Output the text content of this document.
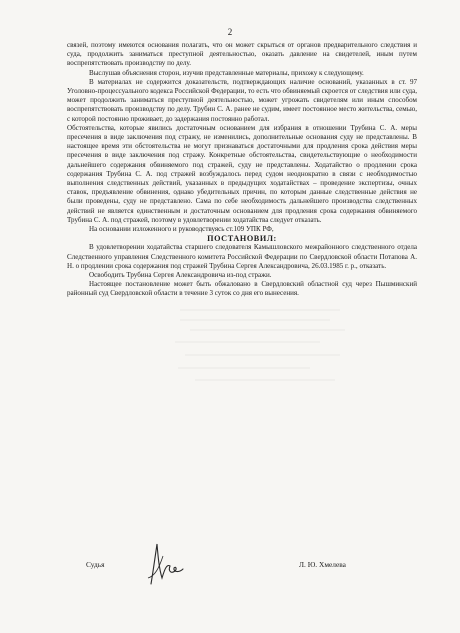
2

связей, поэтому имеются основания полагать, что он может скрыться от органов предварительного следствия и суда, продолжить заниматься преступной деятельностью, оказать давление на свидетелей, иным путем воспрепятствовать производству по делу.

Выслушав объяснения сторон, изучив представленные материалы, прихожу к следующему.

В материалах не содержится доказательств, подтверждающих наличие оснований, указанных в ст. 97 Уголовно-процессуального кодекса Российской Федерации, то есть что обвиняемый скроется от следствия или суда, может продолжить заниматься преступной деятельностью, может угрожать свидетелям или иным способом воспрепятствовать производству по делу. Трубин С. А. ранее не судим, имеет постоянное место жительства, семью, с которой постоянно проживает, до задержания постоянно работал.

Обстоятельства, которые явились достаточным основанием для избрания в отношении Трубина С. А. меры пресечения в виде заключения под стражу, не изменились, дополнительные основания суду не представлены. В настоящее время эти обстоятельства не могут признаваться достаточными для продления срока действия меры пресечения в виде заключения под стражу. Конкретные обстоятельства, свидетельствующие о необходимости дальнейшего содержания обвиняемого под стражей, суду не представлены. Ходатайство о продлении срока содержания Трубина С. А. под стражей возбуждалось перед судом неоднократно в связи с необходимостью выполнения следственных действий, указанных в предыдущих ходатайствах – проведение экспертизы, очных ставок, предъявление обвинения, однако убедительных причин, по которым данные следственные действия не были проведены, суду не представлено. Сама по себе необходимость дальнейшего производства следственных действий не является единственным и достаточным основанием для продления срока содержания обвиняемого Трубина С. А. под стражей, поэтому в удовлетворении ходатайства следует отказать.

На основании изложенного и руководствуясь ст.109 УПК РФ,

ПОСТАНОВИЛ:

В удовлетворении ходатайства старшего следователя Камышловского межрайонного следственного отдела Следственного управления Следственного комитета Российской Федерации по Свердловской области Потапова А. Н. о продлении срока содержания под стражей Трубина Сергея Александровича, 26.03.1985 г. р., отказать.

Освободить Трубина Сергея Александровича из-под стражи.

Настоящее постановление может быть обжаловано в Свердловский областной суд через Пышминский районный суд Свердловской области в течение 3 суток со дня его вынесения.

Судья	Л. Ю. Хмелева
